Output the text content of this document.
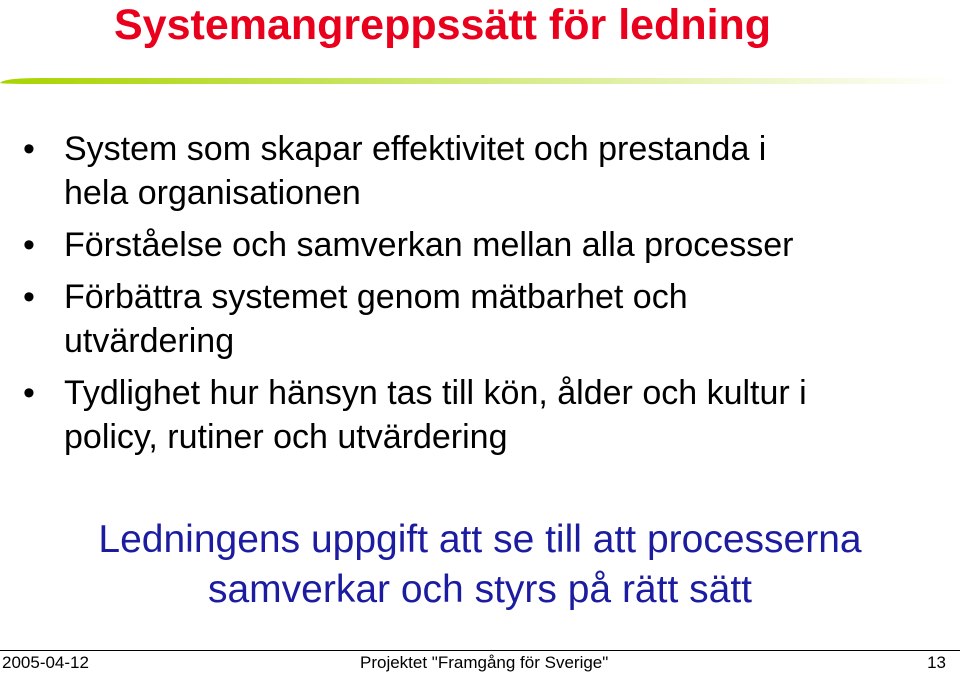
Systemangreppssätt för ledning
• System som skapar effektivitet och prestanda i
hela organisationen
• Förståelse och samverkan mellan alla processer
• Förbättra systemet genom mätbarhet och
utvärdering
• Tydlighet hur hänsyn tas till kön, ålder och kultur i
policy, rutiner och utvärdering
Ledningens uppgift att se till att processerna
samverkar och styrs på rätt sätt
2005-04-12	Projektet "Framgång för Sverige"	13
